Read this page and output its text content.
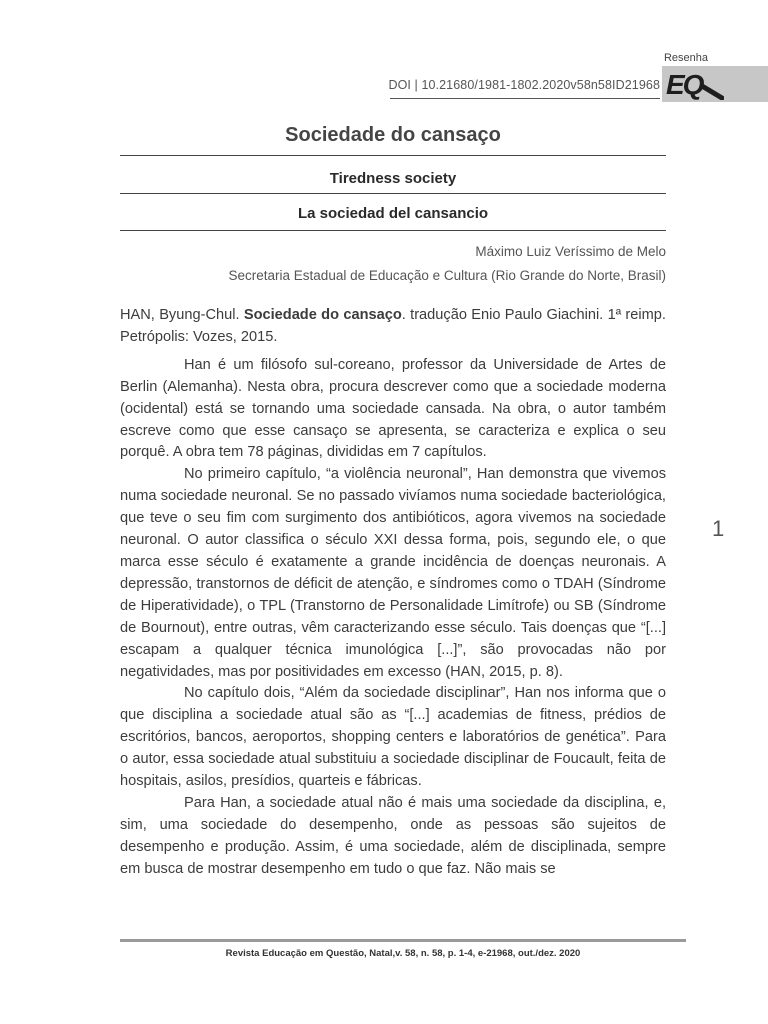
Resenha
DOI | 10.21680/1981-1802.2020v58n58ID21968 EQ
Sociedade do cansaço
Tiredness society
La sociedad del cansancio
Máximo Luiz Veríssimo de Melo
Secretaria Estadual de Educação e Cultura (Rio Grande do Norte, Brasil)

HAN, Byung-Chul. Sociedade do cansaço. tradução Enio Paulo Giachini. 1ª reimp. Petrópolis: Vozes, 2015.

Han é um filósofo sul-coreano, professor da Universidade de Artes de Berlin (Alemanha). Nesta obra, procura descrever como que a sociedade moderna (ocidental) está se tornando uma sociedade cansada. Na obra, o autor também escreve como que esse cansaço se apresenta, se caracteriza e explica o seu porquê. A obra tem 78 páginas, divididas em 7 capítulos.

No primeiro capítulo, “a violência neuronal”, Han demonstra que vivemos numa sociedade neuronal. Se no passado vivíamos numa sociedade bacteriológica, que teve o seu fim com surgimento dos antibióticos, agora vivemos na sociedade neuronal. O autor classifica o século XXI dessa forma, pois, segundo ele, o que marca esse século é exatamente a grande incidência de doenças neuronais. A depressão, transtornos de déficit de atenção, e síndromes como o TDAH (Síndrome de Hiperatividade), o TPL (Transtorno de Personalidade Limítrofe) ou SB (Síndrome de Bournout), entre outras, vêm caracterizando esse século. Tais doenças que “[...] escapam a qualquer técnica imunológica [...]”, são provocadas não por negatividades, mas por positividades em excesso (HAN, 2015, p. 8).

No capítulo dois, “Além da sociedade disciplinar”, Han nos informa que o que disciplina a sociedade atual são as “[...] academias de fitness, prédios de escritórios, bancos, aeroportos, shopping centers e laboratórios de genética”. Para o autor, essa sociedade atual substituiu a sociedade disciplinar de Foucault, feita de hospitais, asilos, presídios, quarteis e fábricas.

Para Han, a sociedade atual não é mais uma sociedade da disciplina, e, sim, uma sociedade do desempenho, onde as pessoas são sujeitos de desempenho e produção. Assim, é uma sociedade, além de disciplinada, sempre em busca de mostrar desempenho em tudo o que faz. Não mais se

1
Revista Educação em Questão, Natal,v. 58, n. 58, p. 1-4, e-21968, out./dez. 2020
